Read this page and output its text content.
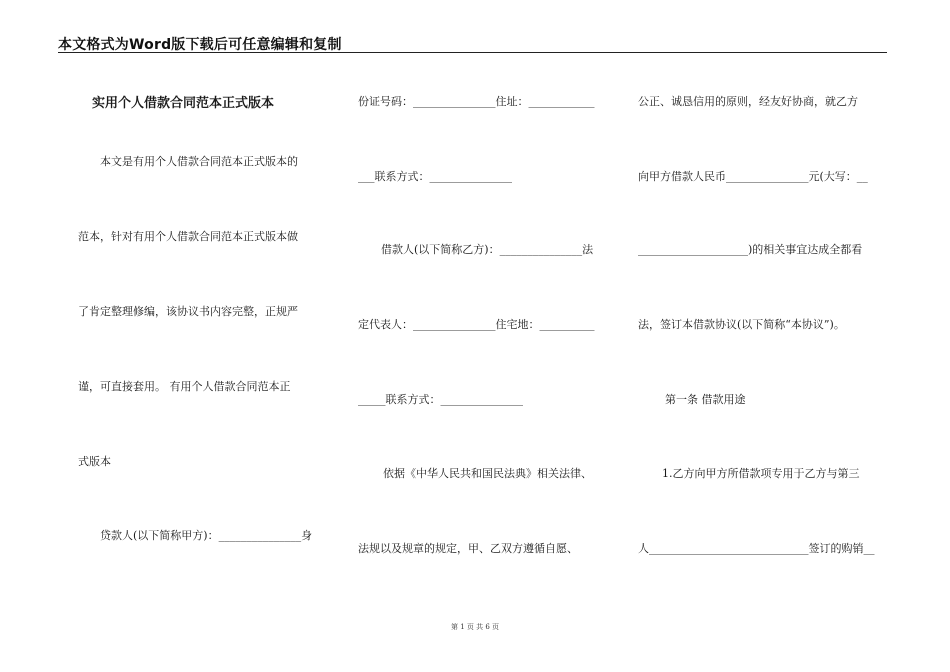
本文格式为Word版下载后可任意编辑和复制
实用个人借款合同范本正式版本
本文是有用个人借款合同范本正式版本的
范本，针对有用个人借款合同范本正式版本做
了肯定整理修编，该协议书内容完整，正规严
谨，可直接套用。 有用个人借款合同范本正
式版本
贷款人(以下简称甲方)：_______________身
份证号码：_______________住址：____________
___联系方式：_______________
借款人(以下简称乙方)：_______________法
定代表人：_______________住宅地：__________
_____联系方式：_______________
依据《中华人民共和国民法典》相关法律、
法规以及规章的规定，甲、乙双方遵循自愿、
公正、诚恳信用的原则，经友好协商，就乙方
向甲方借款人民币_______________元(大写：__
____________________)的相关事宜达成全都看
法，签订本借款协议(以下简称“本协议”)。
第一条 借款用途
1.乙方向甲方所借款项专用于乙方与第三
人_____________________________签订的购销__
第 1 页 共 6 页
